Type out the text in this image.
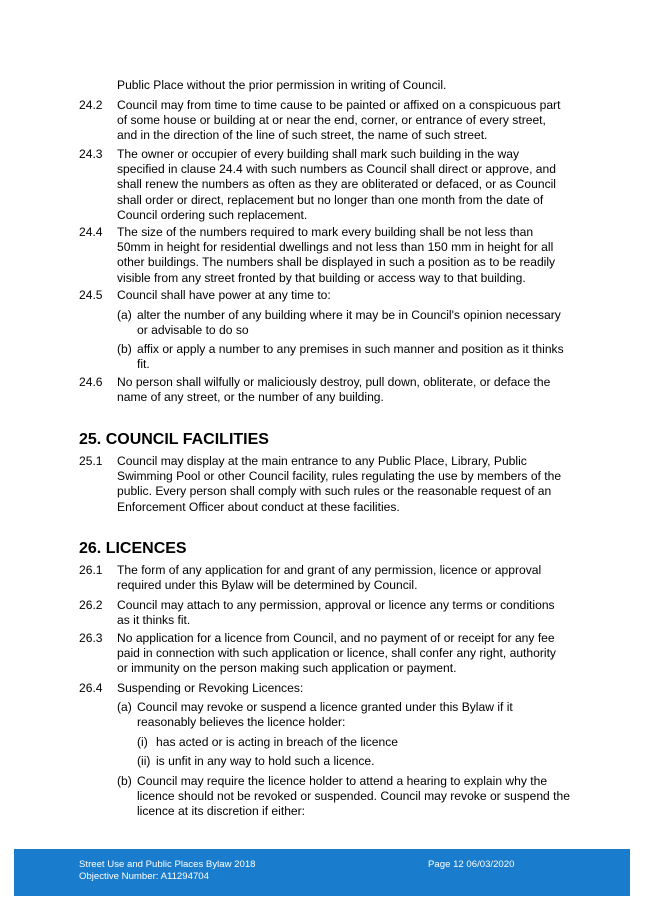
Public Place without the prior permission in writing of Council.
24.2 Council may from time to time cause to be painted or affixed on a conspicuous part of some house or building at or near the end, corner, or entrance of every street, and in the direction of the line of such street, the name of such street.
24.3 The owner or occupier of every building shall mark such building in the way specified in clause 24.4 with such numbers as Council shall direct or approve, and shall renew the numbers as often as they are obliterated or defaced, or as Council shall order or direct, replacement but no longer than one month from the date of Council ordering such replacement.
24.4 The size of the numbers required to mark every building shall be not less than 50mm in height for residential dwellings and not less than 150 mm in height for all other buildings. The numbers shall be displayed in such a position as to be readily visible from any street fronted by that building or access way to that building.
24.5 Council shall have power at any time to:
(a) alter the number of any building where it may be in Council's opinion necessary or advisable to do so
(b) affix or apply a number to any premises in such manner and position as it thinks fit.
24.6 No person shall wilfully or maliciously destroy, pull down, obliterate, or deface the name of any street, or the number of any building.
25. COUNCIL FACILITIES
25.1 Council may display at the main entrance to any Public Place, Library, Public Swimming Pool or other Council facility, rules regulating the use by members of the public. Every person shall comply with such rules or the reasonable request of an Enforcement Officer about conduct at these facilities.
26. LICENCES
26.1 The form of any application for and grant of any permission, licence or approval required under this Bylaw will be determined by Council.
26.2 Council may attach to any permission, approval or licence any terms or conditions as it thinks fit.
26.3 No application for a licence from Council, and no payment of or receipt for any fee paid in connection with such application or licence, shall confer any right, authority or immunity on the person making such application or payment.
26.4 Suspending or Revoking Licences:
(a) Council may revoke or suspend a licence granted under this Bylaw if it reasonably believes the licence holder:
(i) has acted or is acting in breach of the licence
(ii) is unfit in any way to hold such a licence.
(b) Council may require the licence holder to attend a hearing to explain why the licence should not be revoked or suspended. Council may revoke or suspend the licence at its discretion if either:
Street Use and Public Places Bylaw 2018
Objective Number: A11294704
Page 12 06/03/2020
